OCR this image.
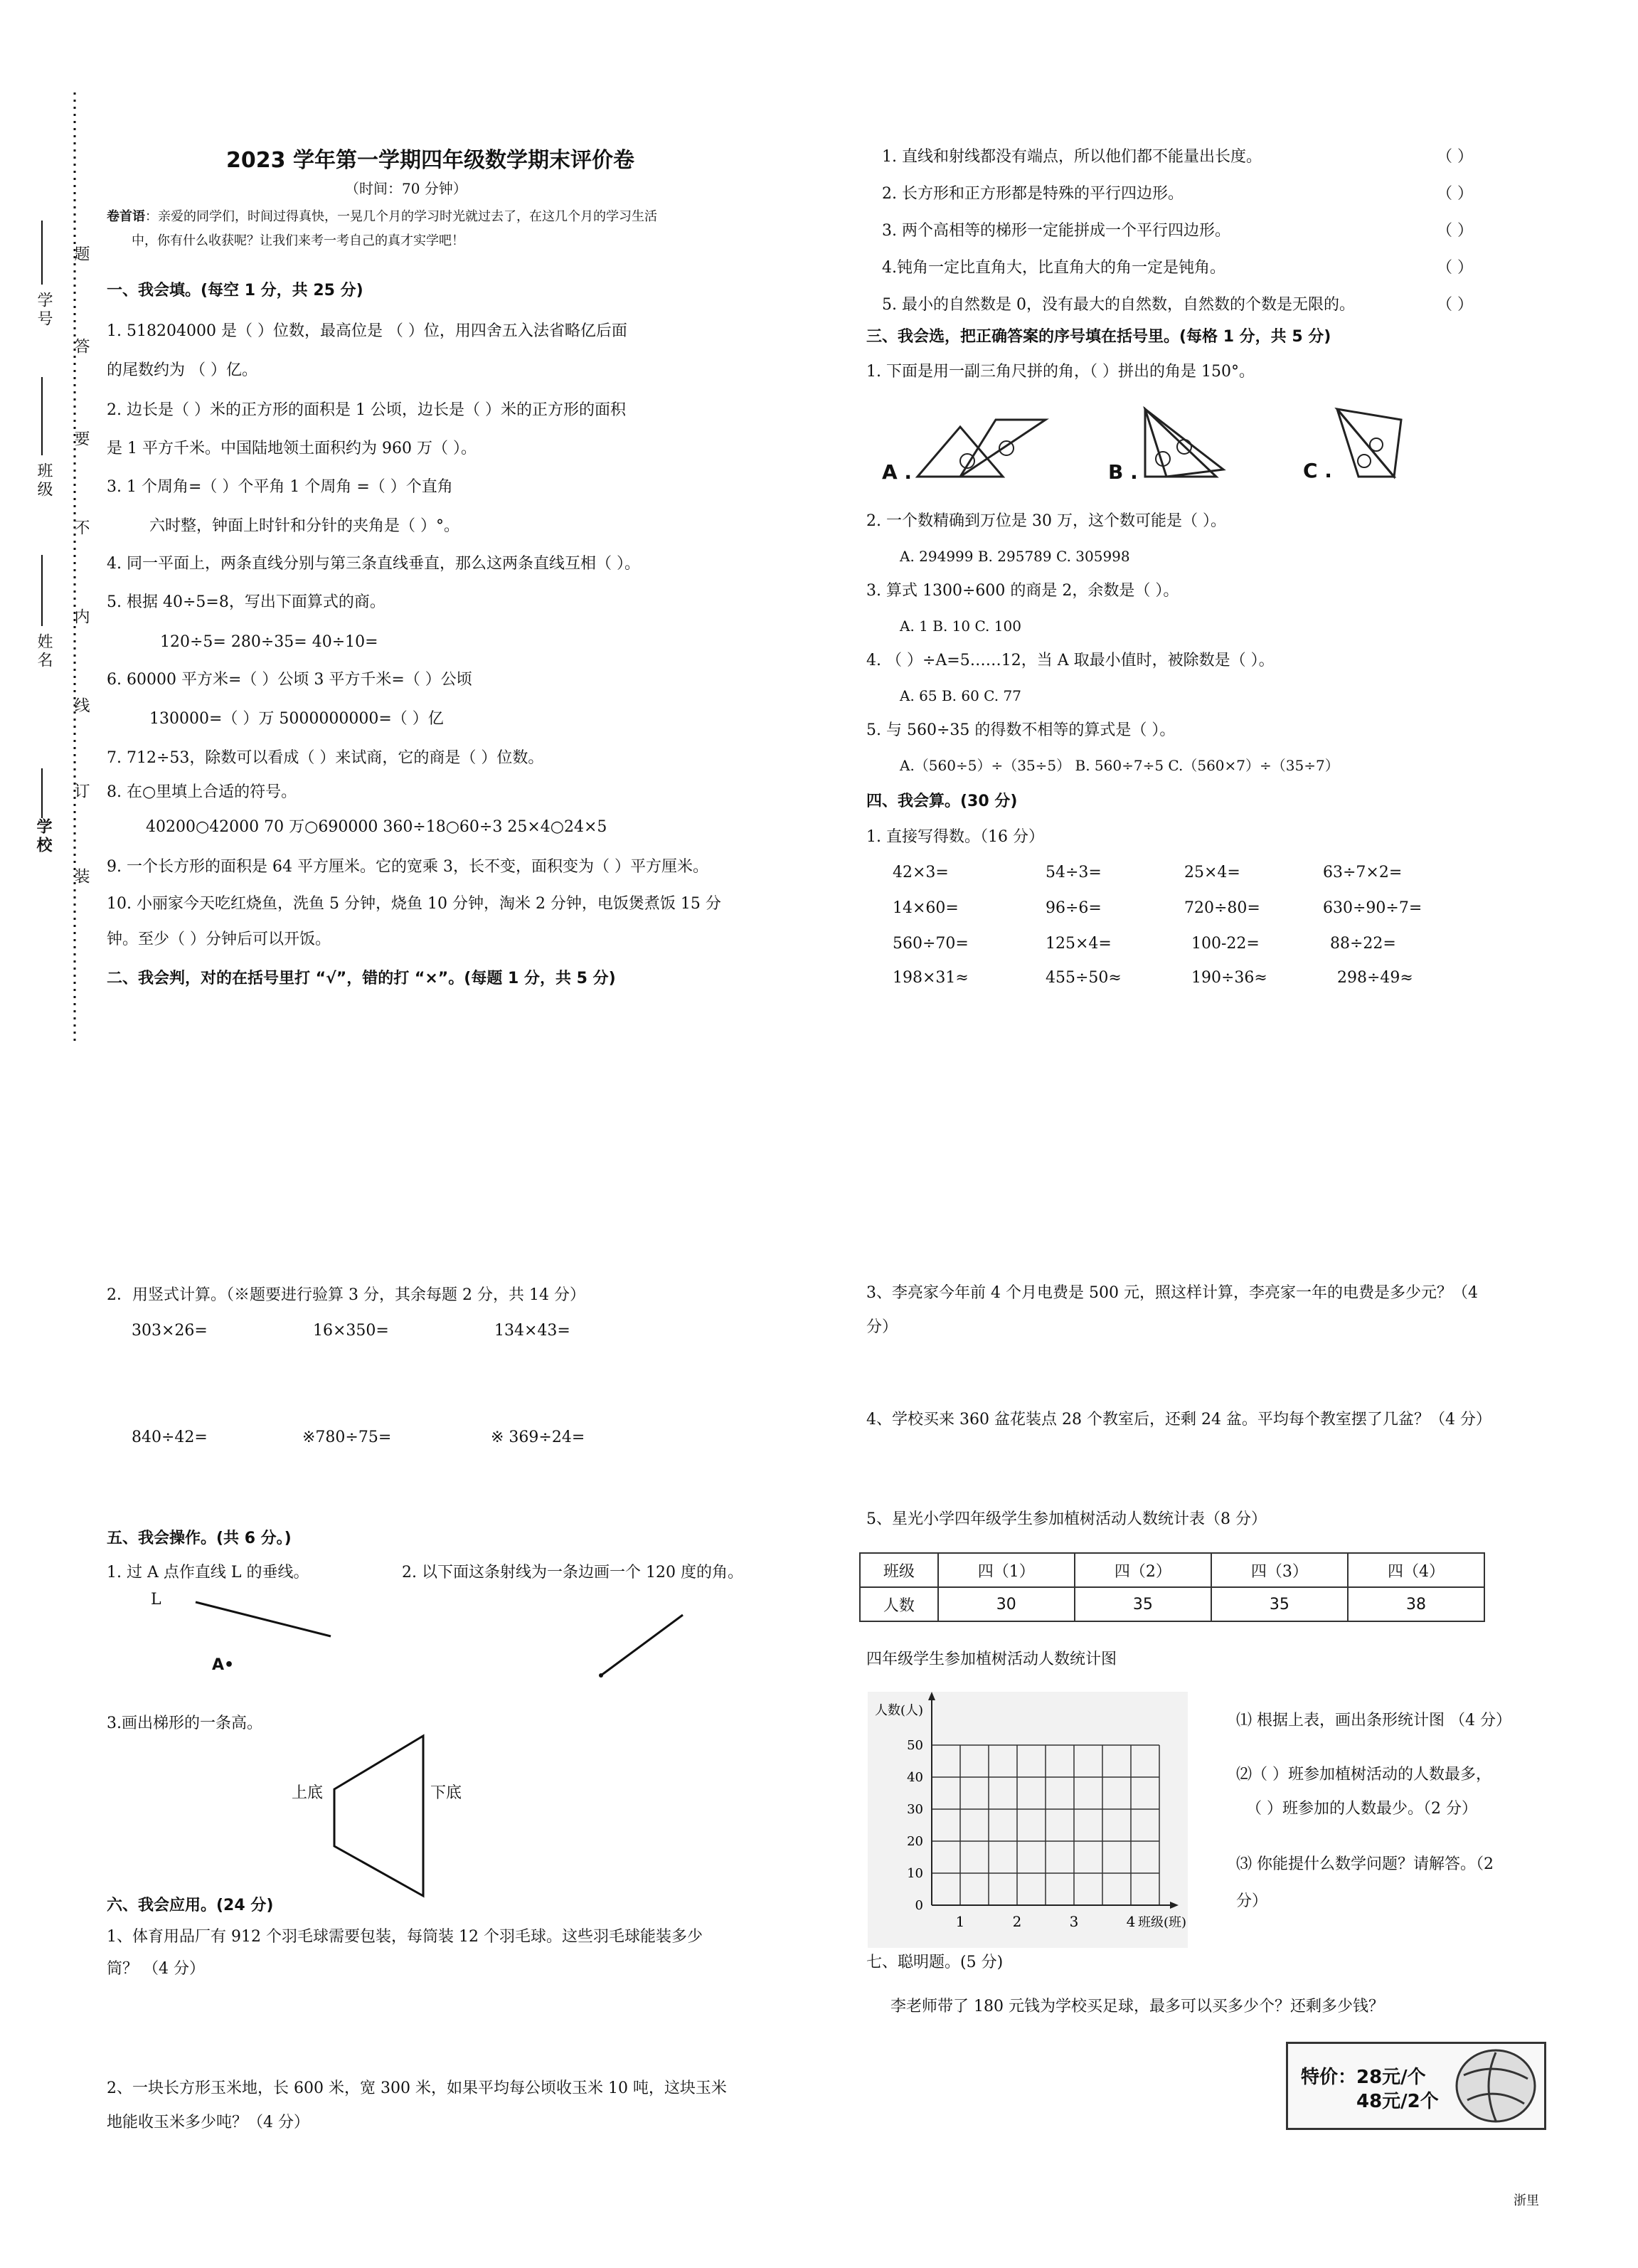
学校
姓名
班级
学号
装
订
线
内
不
要
答
题
2023 学年第一学期四年级数学期末评价卷
（时间：70 分钟）
卷首语：亲爱的同学们，时间过得真快，一晃几个月的学习时光就过去了，在这几个月的学习生活
中，你有什么收获呢？让我们来考一考自己的真才实学吧！
一、我会填。(每空 1 分，共 25 分)
1. 518204000 是（ ）位数，最高位是 （ ）位，用四舍五入法省略亿后面
的尾数约为 （ ）亿。
2. 边长是（ ）米的正方形的面积是 1 公顷，边长是（ ）米的正方形的面积
是 1 平方千米。中国陆地领土面积约为 960 万（ ）。
3. 1 个周角=（ ）个平角 1 个周角 =（ ）个直角
六时整，钟面上时针和分针的夹角是（ ）°。
4. 同一平面上，两条直线分别与第三条直线垂直，那么这两条直线互相（ ）。
5. 根据 40÷5=8，写出下面算式的商。
120÷5= 280÷35= 40÷10=
6. 60000 平方米=（ ）公顷 3 平方千米=（ ）公顷
130000=（ ）万 5000000000=（ ）亿
7. 712÷53，除数可以看成（ ）来试商，它的商是（ ）位数。
8. 在○里填上合适的符号。
40200○42000 70 万○690000 360÷18○60÷3 25×4○24×5
9. 一个长方形的面积是 64 平方厘米。它的宽乘 3，长不变，面积变为（ ）平方厘米。
10. 小丽家今天吃红烧鱼，洗鱼 5 分钟，烧鱼 10 分钟，淘米 2 分钟，电饭煲煮饭 15 分
钟。至少（ ）分钟后可以开饭。
二、我会判，对的在括号里打 “√”，错的打 “×”。(每题 1 分，共 5 分)
1. 直线和射线都没有端点，所以他们都不能量出长度。	（ ）
2. 长方形和正方形都是特殊的平行四边形。	（ ）
3. 两个高相等的梯形一定能拼成一个平行四边形。	（ ）
4.钝角一定比直角大，比直角大的角一定是钝角。	（ ）
5. 最小的自然数是 0，没有最大的自然数，自然数的个数是无限的。	（ ）
三、我会选，把正确答案的序号填在括号里。(每格 1 分，共 5 分)
1. 下面是用一副三角尺拼的角，（ ）拼出的角是 150°。
A .	B .	C .
2. 一个数精确到万位是 30 万，这个数可能是（ ）。
A. 294999 B. 295789 C. 305998
3. 算式 1300÷600 的商是 2，余数是（ ）。
A. 1 B. 10 C. 100
4. （ ）÷A=5……12，当 A 取最小值时，被除数是（ ）。
A. 65 B. 60 C. 77
5. 与 560÷35 的得数不相等的算式是（ ）。
A.（560÷5）÷（35÷5） B. 560÷7÷5 C.（560×7）÷（35÷7）
四、我会算。(30 分)
1. 直接写得数。（16 分）
42×3=	54÷3=	25×4=	63÷7×2=
14×60=	96÷6=	720÷80=	630÷90÷7=
560÷70=	125×4=	100-22=	88÷22=
198×31≈	455÷50≈	190÷36≈	298÷49≈
2．用竖式计算。（※题要进行验算 3 分，其余每题 2 分，共 14 分）
303×26=	16×350=	134×43=
840÷42=	※780÷75=	※ 369÷24=
五、我会操作。(共 6 分。)
1. 过 A 点作直线 L 的垂线。	2. 以下面这条射线为一条边画一个 120 度的角。
L
A•
3.画出梯形的一条高。
上底	下底
六、我会应用。(24 分)
1、体育用品厂有 912 个羽毛球需要包装，每筒装 12 个羽毛球。这些羽毛球能装多少
筒？ （4 分）
2、一块长方形玉米地，长 600 米，宽 300 米，如果平均每公顷收玉米 10 吨，这块玉米
地能收玉米多少吨？（4 分）
3、李亮家今年前 4 个月电费是 500 元，照这样计算，李亮家一年的电费是多少元？（4
分）
4、学校买来 360 盆花装点 28 个教室后，还剩 24 盆。平均每个教室摆了几盆？（4 分）
5、星光小学四年级学生参加植树活动人数统计表（8 分）
班级	四（1）	四（2）	四（3）	四（4）
人数	30	35	35	38
四年级学生参加植树活动人数统计图
0
10
20
30
40
50
1	2	3	4
人数(人)
班级(班)
⑴ 根据上表，画出条形统计图 （4 分）
⑵（ ）班参加植树活动的人数最多，
（ ）班参加的人数最少。（2 分）
⑶ 你能提什么数学问题？请解答。（2
分）
七、聪明题。(5 分)
李老师带了 180 元钱为学校买足球，最多可以买多少个？还剩多少钱？
特价： 28元/个
48元/2个
浙里
